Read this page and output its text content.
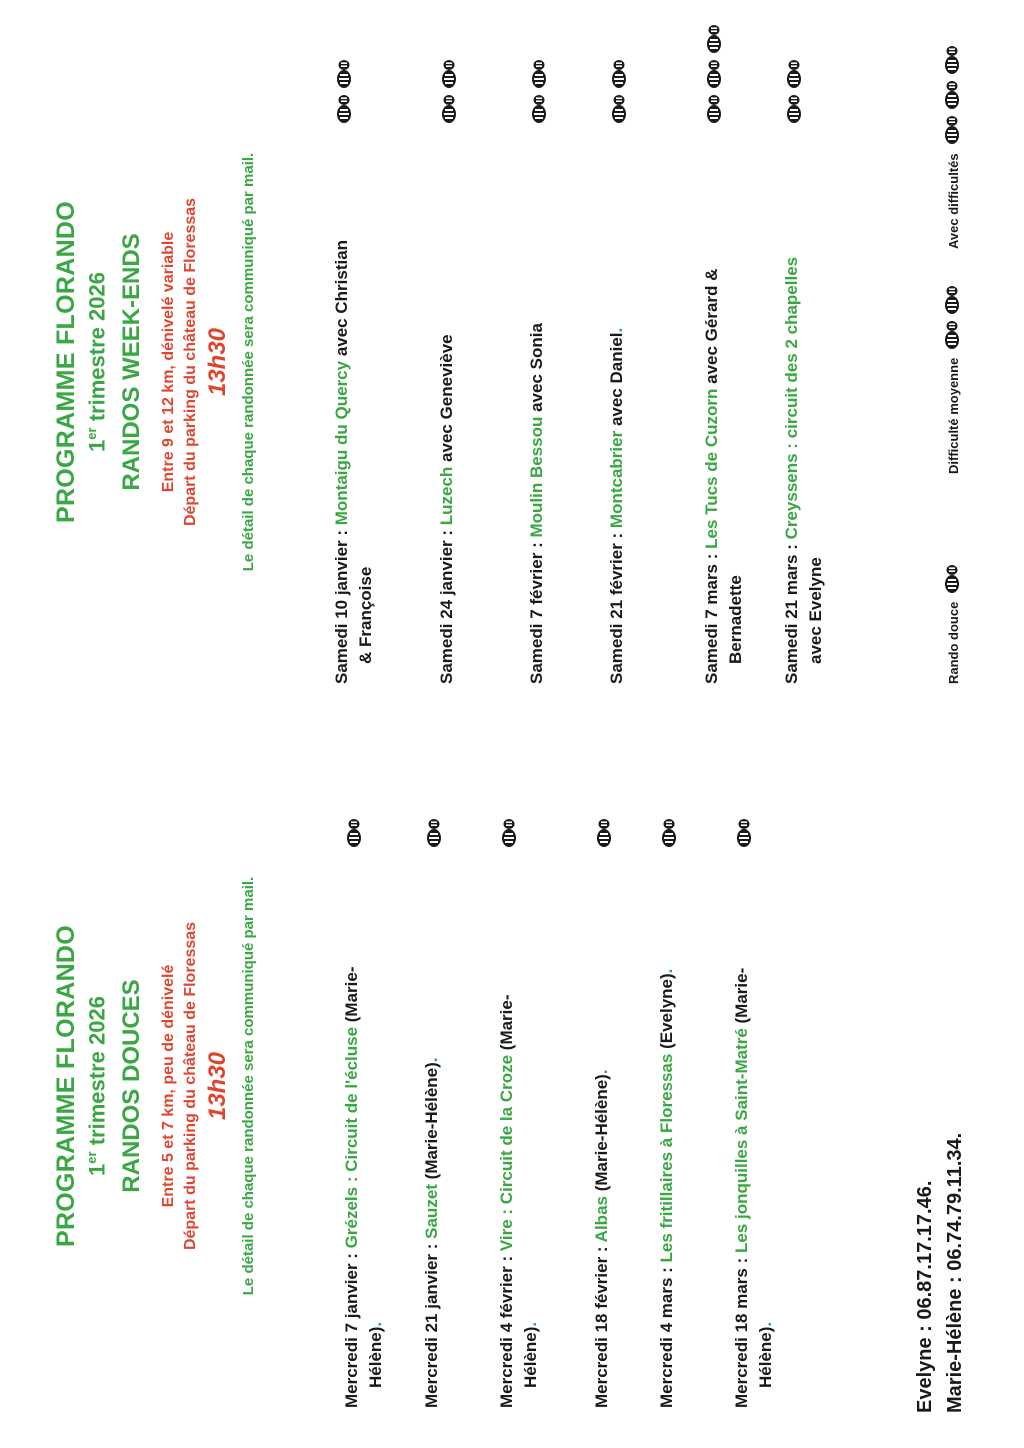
PROGRAMME FLORANDO 1er trimestre 2026 RANDOS DOUCES Entre 5 et 7 km, peu de dénivelé Départ du parking du château de Floressas 13h30 Le détail de chaque randonnée sera communiqué par mail.
Mercredi 7 janvier : Grézels : Circuit de l'écluse (Marie-
Hélène). Mercredi 21 janvier : Sauzet (Marie-Hélène).
Mercredi 4 février : Vire : Circuit de la Croze (Marie-
Hélène).	Mercredi 18 février : Albas (Marie-Hélène).
Mercredi 4 mars : Les fritillaires à Floressas (Evelyne).
Mercredi 18 mars : Les jonquilles à Saint-Matré (Marie-
Hélène).	Evelyne : 06.87.17.17.46. Marie-Hélène : 06.74.79.11.34.
PROGRAMME FLORANDO 1er trimestre 2026 RANDOS WEEK-ENDS Entre 9 et 12 km, dénivelé variable Départ du parking du château de Floressas 13h30 Le détail de chaque randonnée sera communiqué par mail.
Samedi 10 janvier : Montaigu du Quercy avec Christian
& Françoise	Samedi 24 janvier : Luzech avec Geneviève
Samedi 7 février : Moulin Bessou avec Sonia
Samedi 21 février : Montcabrier avec Daniel.
Samedi 7 mars : Les Tucs de Cuzorn avec Gérard &
Bernadette Samedi 21 mars : Creyssens : circuit des 2 chapelles
avec Evelyne	Rando douce
Difficulté moyenne
Avec difficultés
